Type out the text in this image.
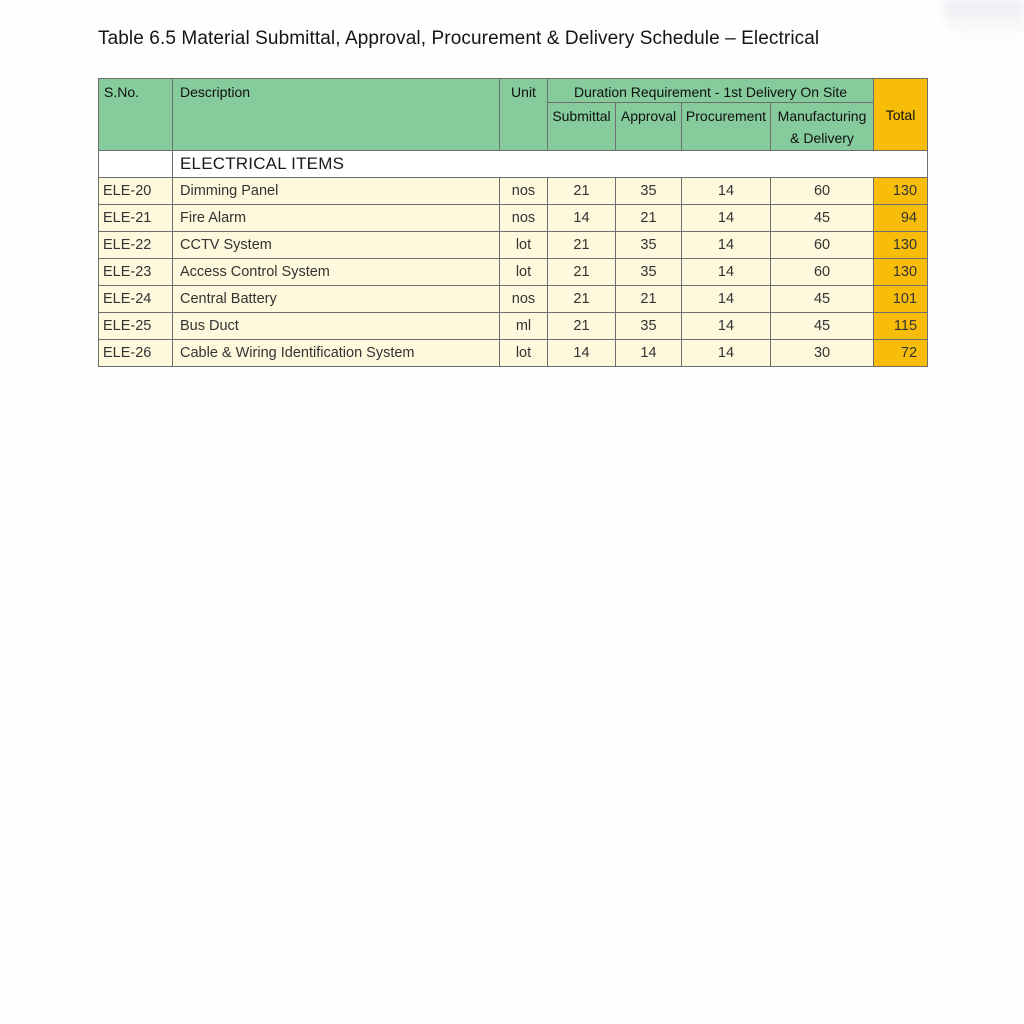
Table 6.5 Material Submittal, Approval, Procurement & Delivery Schedule – Electrical
S.No.	Description	Unit	Duration Requirement - 1st Delivery On Site				Total
			Submittal	Approval	Procurement	Manufacturing
& Delivery	

	ELECTRICAL ITEMS						
ELE-20	Dimming Panel	nos	21	35	14	60	130
ELE-21	Fire Alarm	nos	14	21	14	45	94
ELE-22	CCTV System	lot	21	35	14	60	130
ELE-23	Access Control System	lot	21	35	14	60	130
ELE-24	Central Battery	nos	21	21	14	45	101
ELE-25	Bus Duct	ml	21	35	14	45	115
ELE-26	Cable & Wiring Identification System	lot	14	14	14	30	72
